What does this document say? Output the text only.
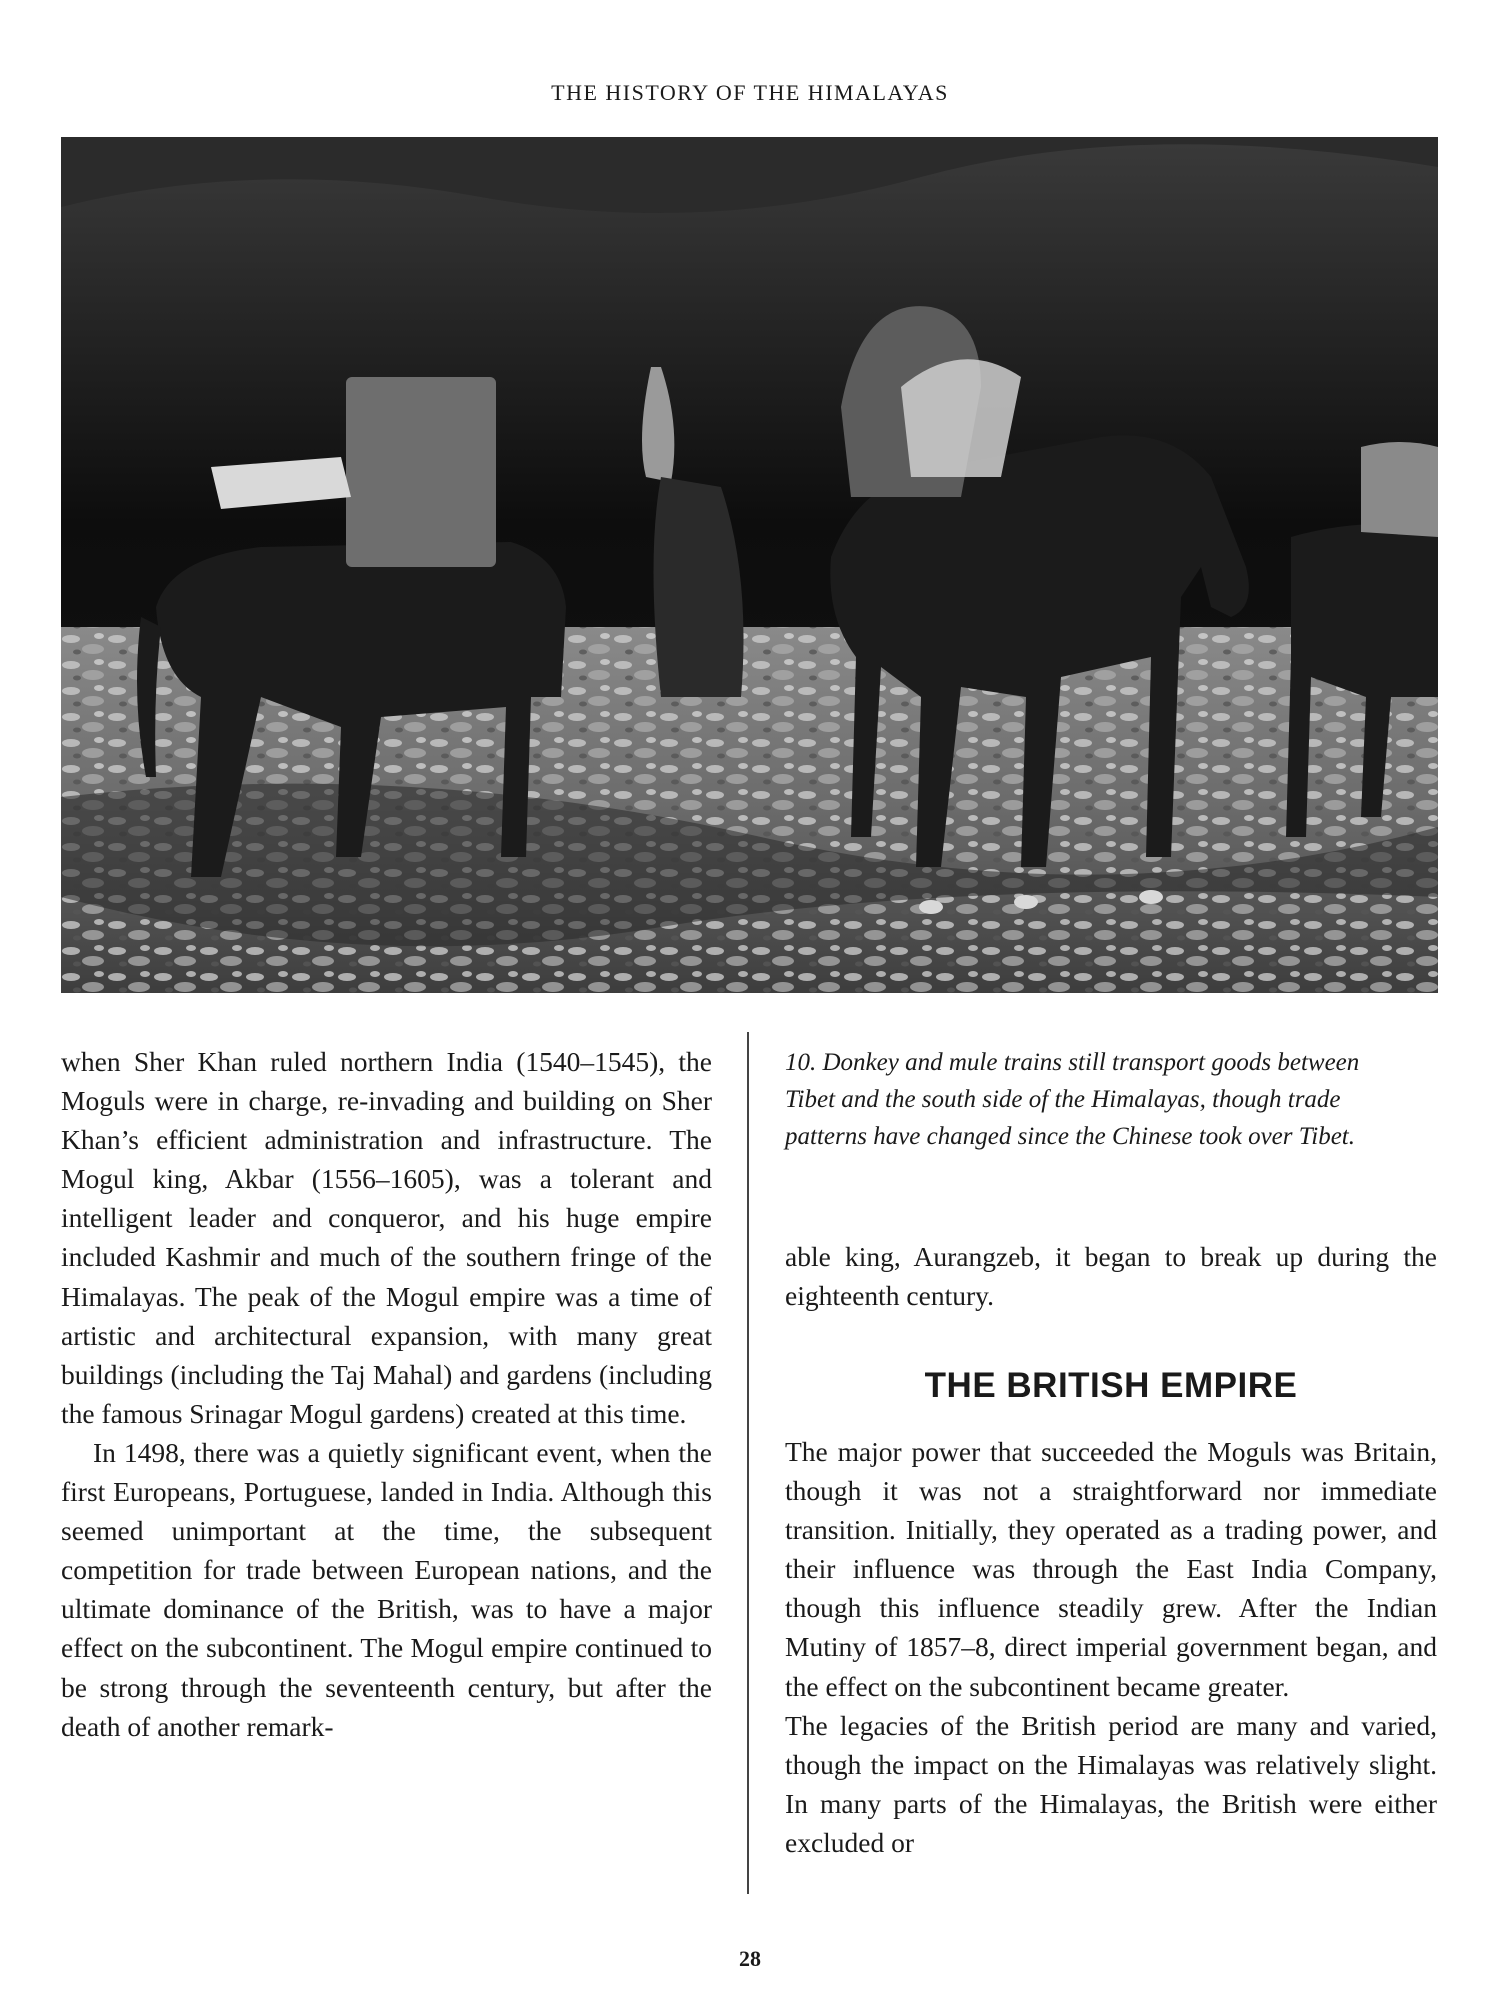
THE HISTORY OF THE HIMALAYAS

when Sher Khan ruled northern India (1540–1545), the Moguls were in charge, re-invading and building on Sher Khan’s efficient administration and infrastructure. The Mogul king, Akbar (1556–1605), was a tolerant and intelligent leader and conqueror, and his huge empire included Kashmir and much of the southern fringe of the Himalayas. The peak of the Mogul empire was a time of artistic and architectural expansion, with many great buildings (including the Taj Mahal) and gardens (including the famous Srinagar Mogul gardens) created at this time.

In 1498, there was a quietly significant event, when the first Europeans, Portuguese, landed in India. Although this seemed unimportant at the time, the subsequent competition for trade between European nations, and the ultimate dominance of the British, was to have a major effect on the subcontinent. The Mogul empire continued to be strong through the seventeenth century, but after the death of another remark-

10. Donkey and mule trains still transport goods between Tibet and the south side of the Himalayas, though trade patterns have changed since the Chinese took over Tibet.

able king, Aurangzeb, it began to break up during the eighteenth century.

THE BRITISH EMPIRE

The major power that succeeded the Moguls was Britain, though it was not a straightforward nor immediate transition. Initially, they operated as a trading power, and their influence was through the East India Company, though this influence steadily grew. After the Indian Mutiny of 1857–8, direct imperial government began, and the effect on the subcontinent became greater.

The legacies of the British period are many and varied, though the impact on the Himalayas was relatively slight. In many parts of the Himalayas, the British were either excluded or

28
